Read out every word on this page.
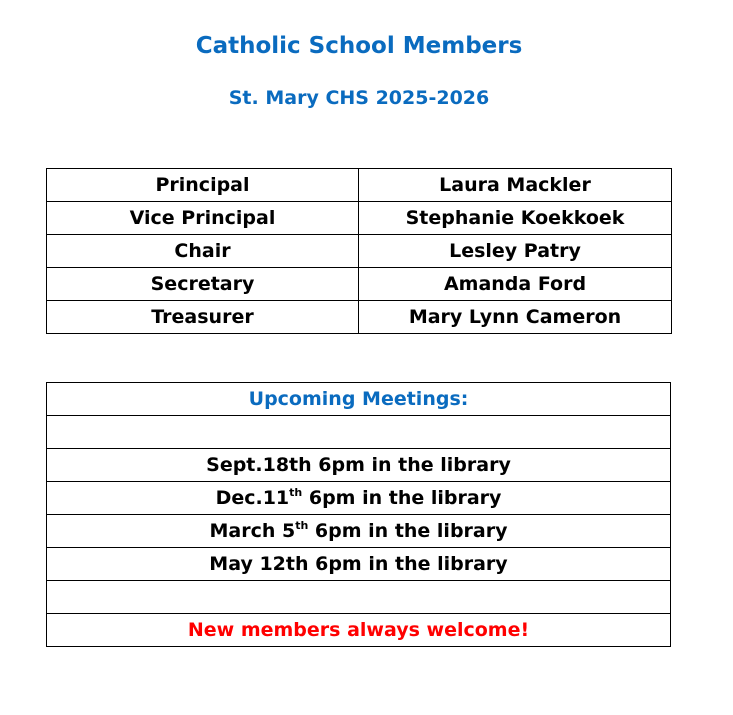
Catholic School Members
St. Mary CHS 2025-2026
Principal	Laura Mackler
Vice Principal	Stephanie Koekkoek
Chair	Lesley Patry
Secretary	Amanda Ford
Treasurer	Mary Lynn Cameron
Upcoming Meetings:

Sept.18th 6pm in the library
Dec.11th 6pm in the library
March 5th 6pm in the library
May 12th 6pm in the library

New members always welcome!
